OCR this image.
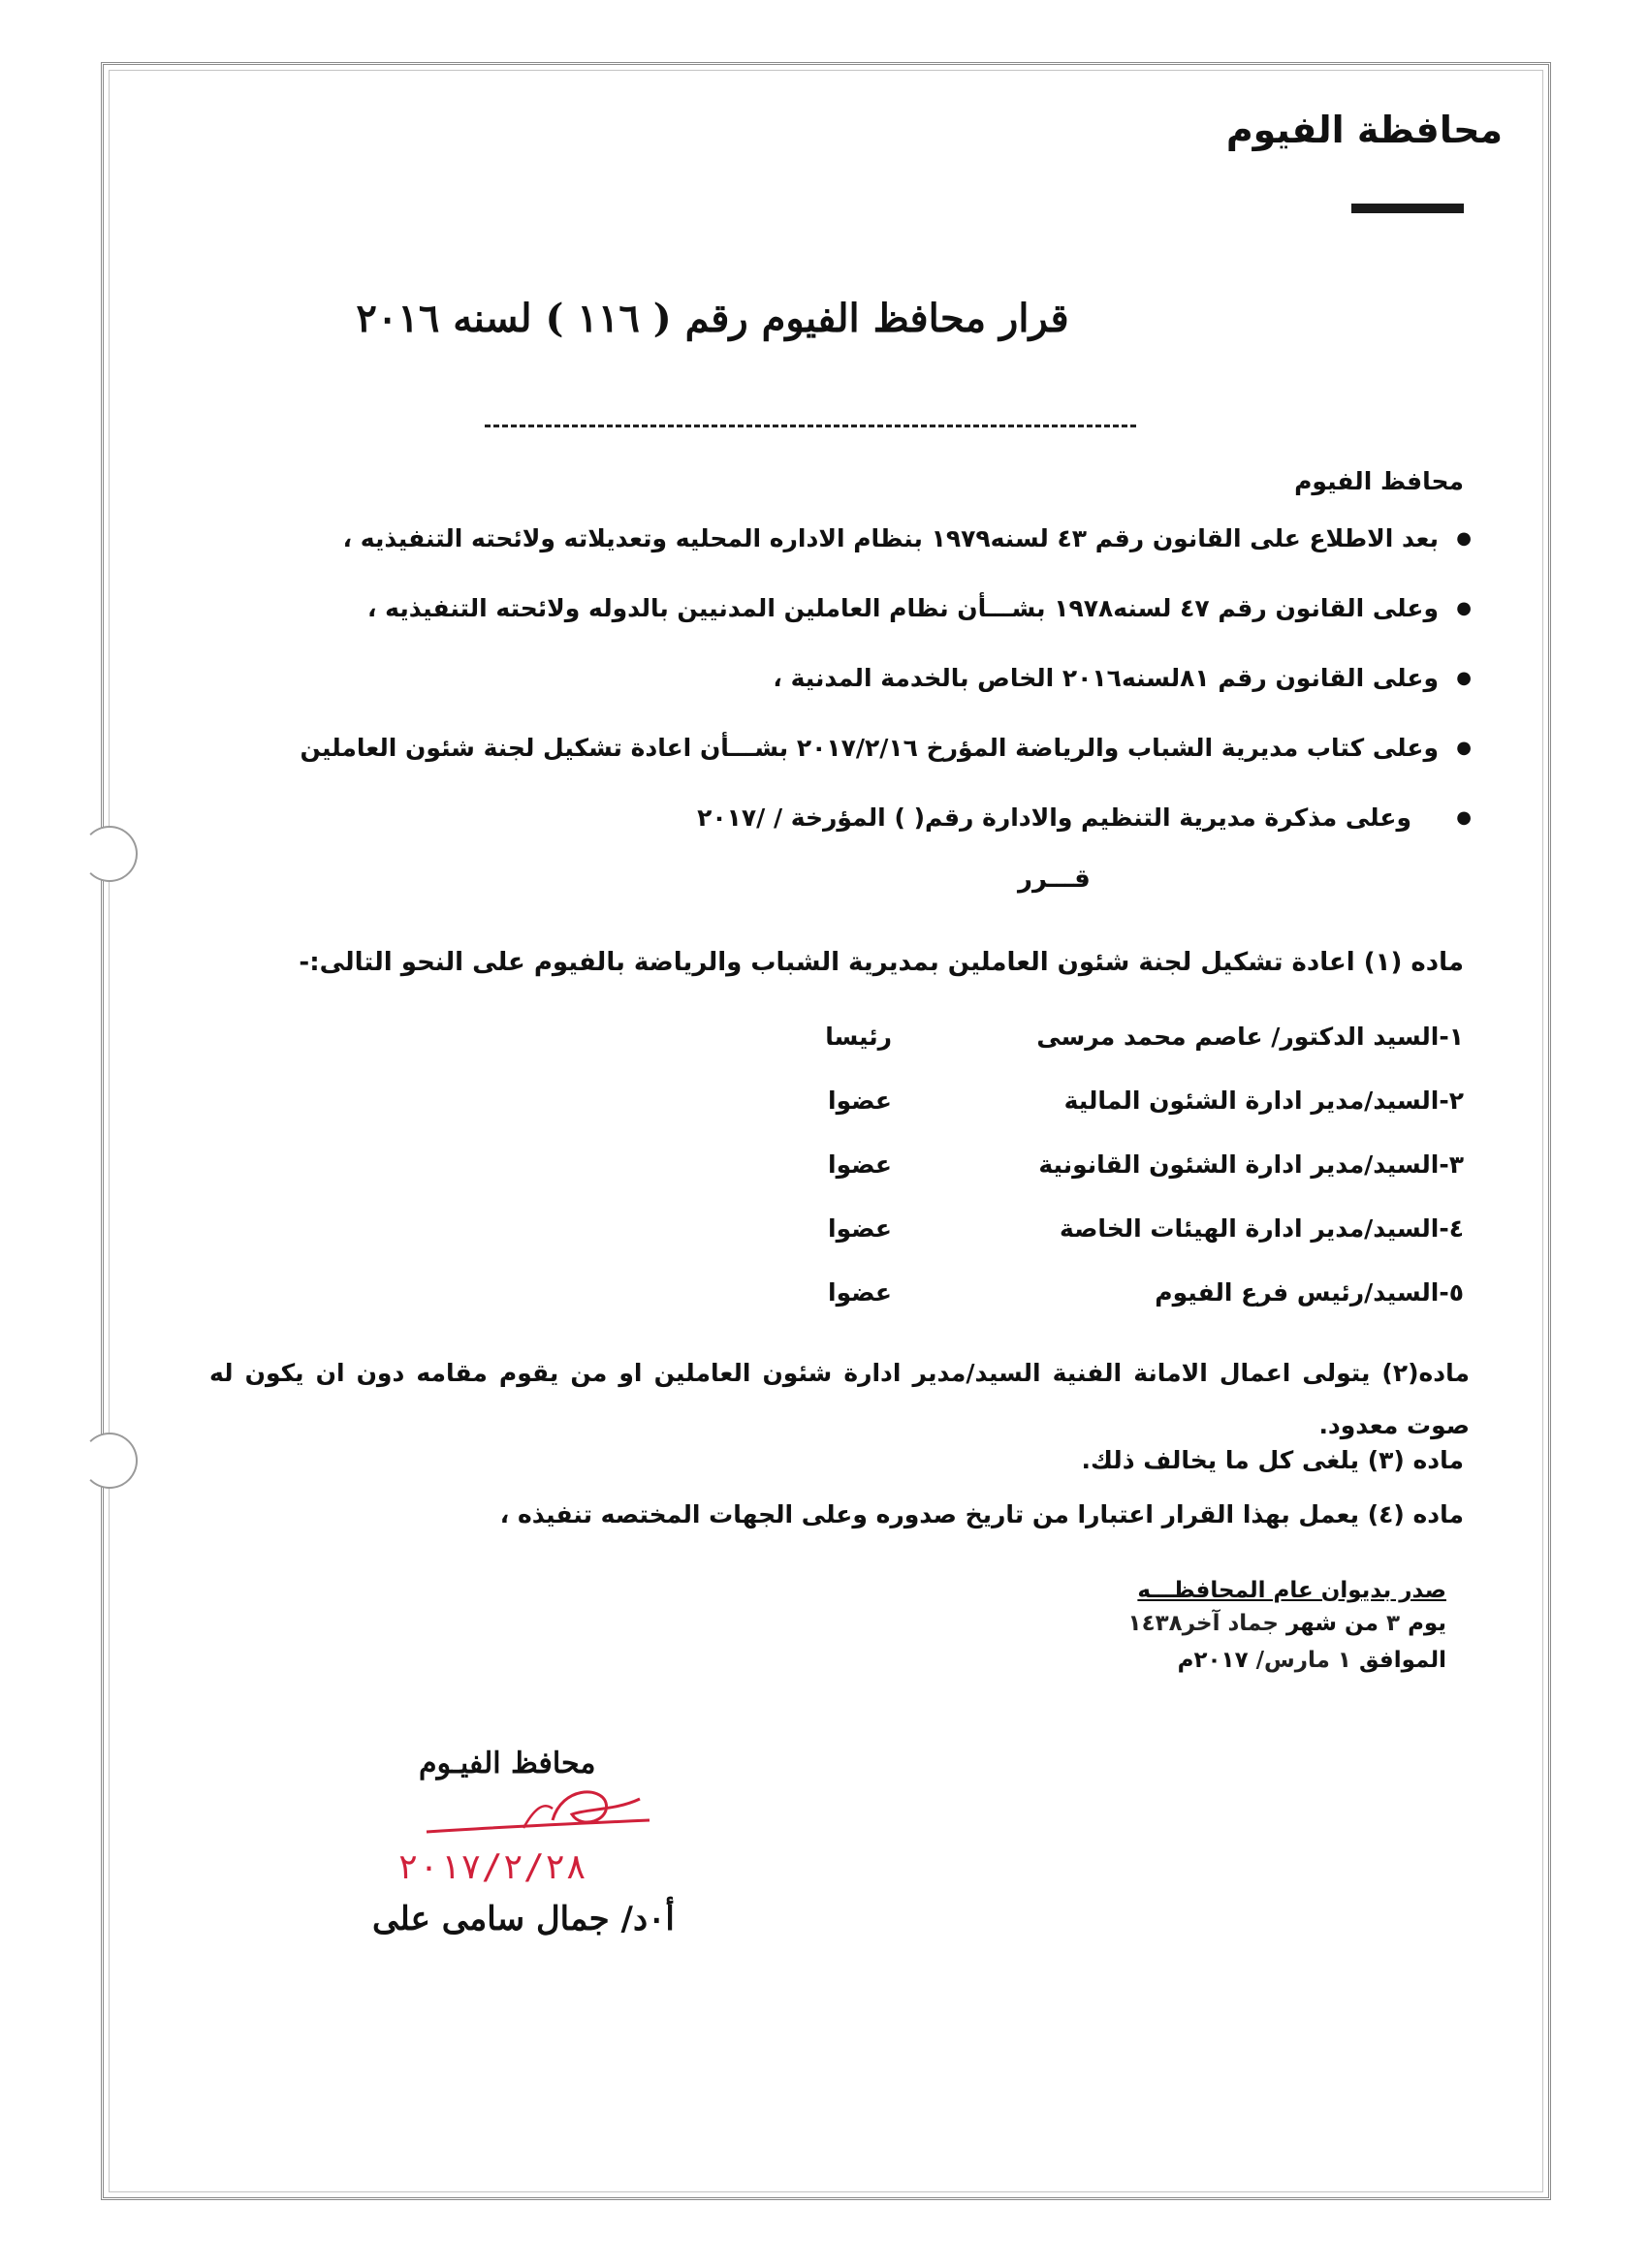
محافظة الفيوم
قرار محافظ الفيوم رقم ( ١١٦ ) لسنه ٢٠١٦
محافظ الفيوم
● بعد الاطلاع على القانون رقم ٤٣ لسنه١٩٧٩ بنظام الاداره المحليه وتعديلاته ولائحته التنفيذيه ،
● وعلى القانون رقم ٤٧ لسنه١٩٧٨ بشـــأن نظام العاملين المدنيين بالدوله ولائحته التنفيذيه ،
● وعلى القانون رقم ٨١لسنه٢٠١٦ الخاص بالخدمة المدنية ،
● وعلى كتاب مديرية الشباب والرياضة المؤرخ ٢٠١٧/٢/١٦ بشـــأن اعادة تشكيل لجنة شئون العاملين
● وعلى مذكرة مديرية التنظيم والادارة رقم( ) المؤرخة / /٢٠١٧
قـــرر
ماده (١) اعادة تشكيل لجنة شئون العاملين بمديرية الشباب والرياضة بالفيوم على النحو التالى:-
١-السيد الدكتور/ عاصم محمد مرسى
رئيسا
٢-السيد/مدير ادارة الشئون المالية
عضوا
٣-السيد/مدير ادارة الشئون القانونية
عضوا
٤-السيد/مدير ادارة الهيئات الخاصة
عضوا
٥-السيد/رئيس فرع الفيوم
عضوا
ماده(٢) يتولى اعمال الامانة الفنية السيد/مدير ادارة شئون العاملين او من يقوم مقامه دون ان يكون له صوت معدود.
ماده (٣) يلغى كل ما يخالف ذلك.
ماده (٤) يعمل بهذا القرار اعتبارا من تاريخ صدوره وعلى الجهات المختصه تنفيذه ،
صدر بديوان عام المحافظـــه
يوم ٣ من شهر جماد آخر١٤٣٨
الموافق ١ مارس/ ٢٠١٧م
محافظ الفيـوم
٢٠١٧/٢/٢٨
أ٠د/ جمال سامى على
